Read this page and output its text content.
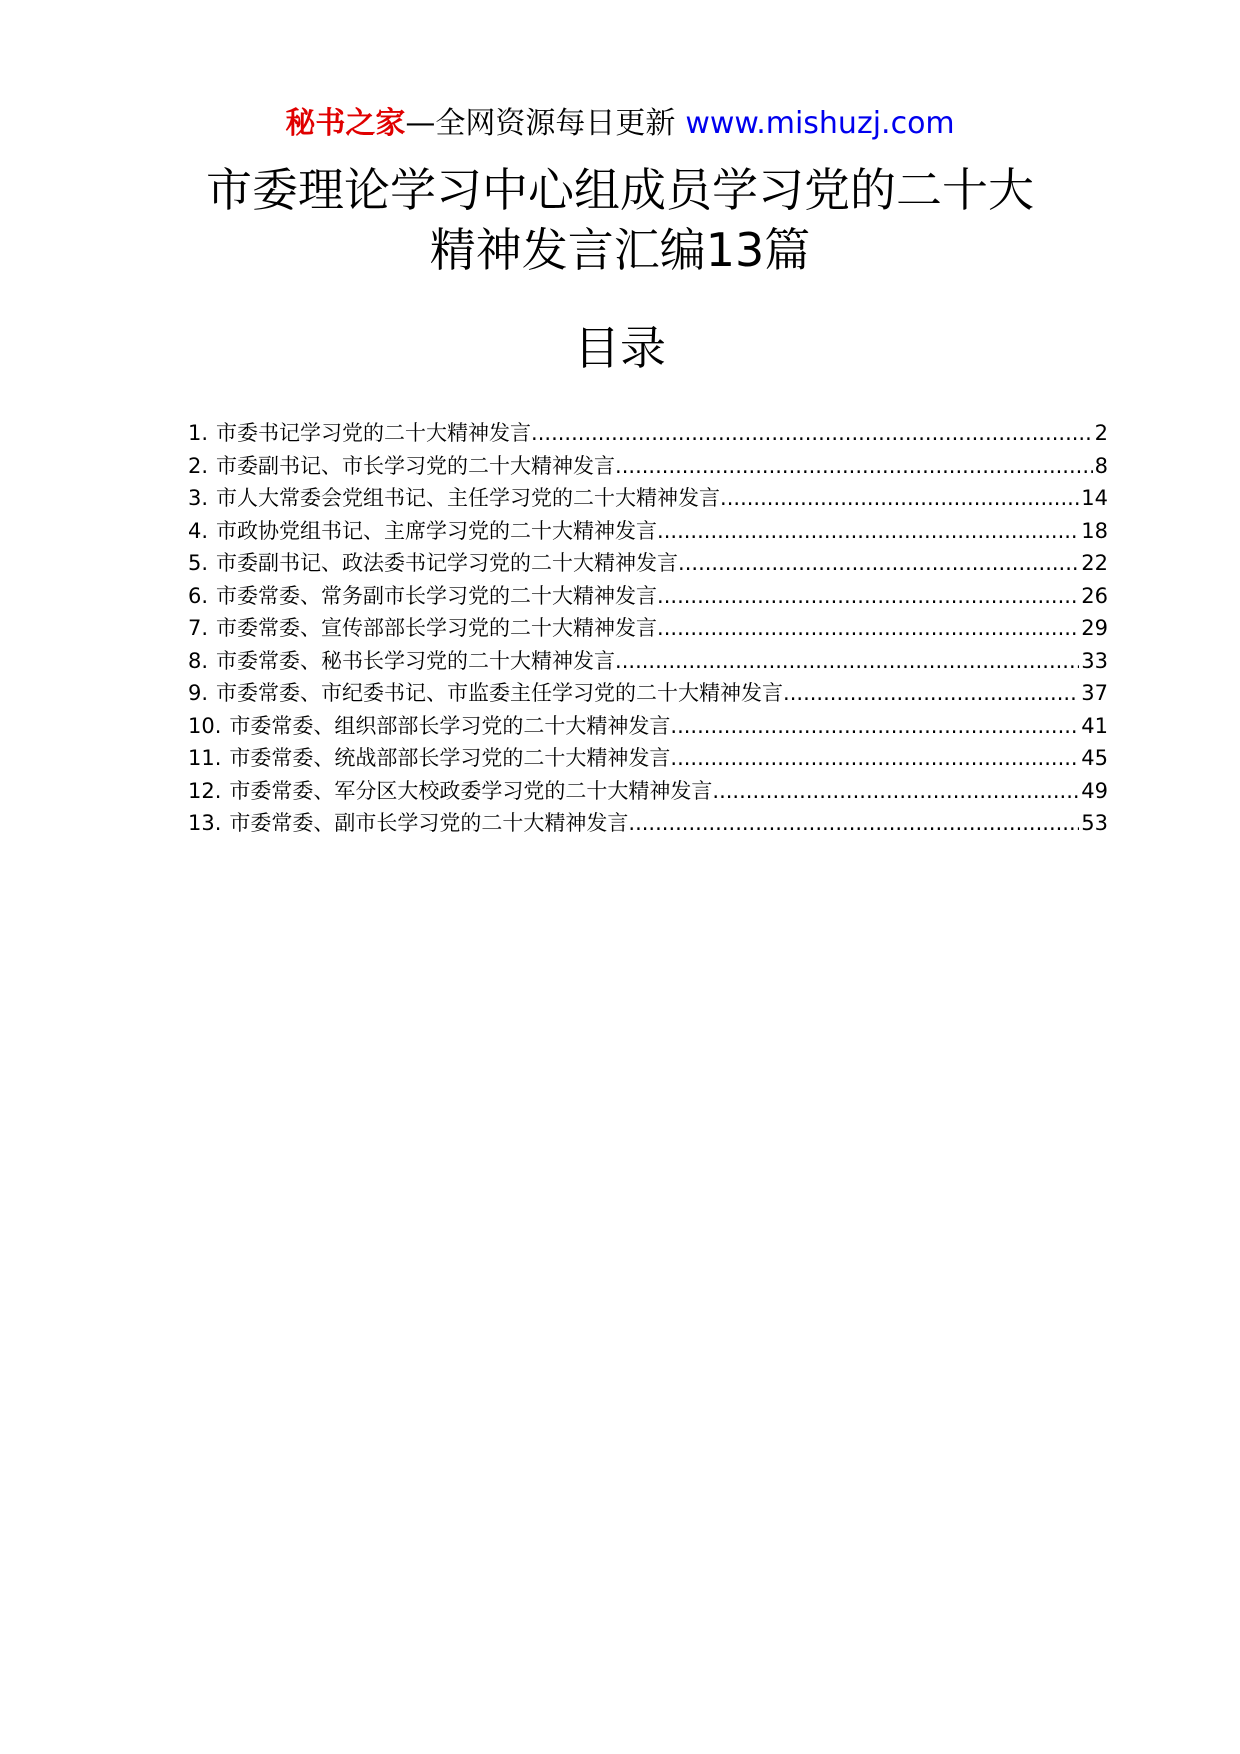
秘书之家—全网资源每日更新 www.mishuzj.com
市委理论学习中心组成员学习党的二十大
精神发言汇编13篇
目录
1. 市委书记学习党的二十大精神发言 .....	2
2. 市委副书记、市长学习党的二十大精神发言 .....	8
3. 市人大常委会党组书记、主任学习党的二十大精神发言 .....	14
4. 市政协党组书记、主席学习党的二十大精神发言 .....	18
5. 市委副书记、政法委书记学习党的二十大精神发言 .....	22
6. 市委常委、常务副市长学习党的二十大精神发言 .....	26
7. 市委常委、宣传部部长学习党的二十大精神发言 .....	29
8. 市委常委、秘书长学习党的二十大精神发言 .....	33
9. 市委常委、市纪委书记、市监委主任学习党的二十大精神发言 .....	37
10. 市委常委、组织部部长学习党的二十大精神发言 .....	41
11. 市委常委、统战部部长学习党的二十大精神发言 .....	45
12. 市委常委、军分区大校政委学习党的二十大精神发言 .....	49
13. 市委常委、副市长学习党的二十大精神发言 .....	53
